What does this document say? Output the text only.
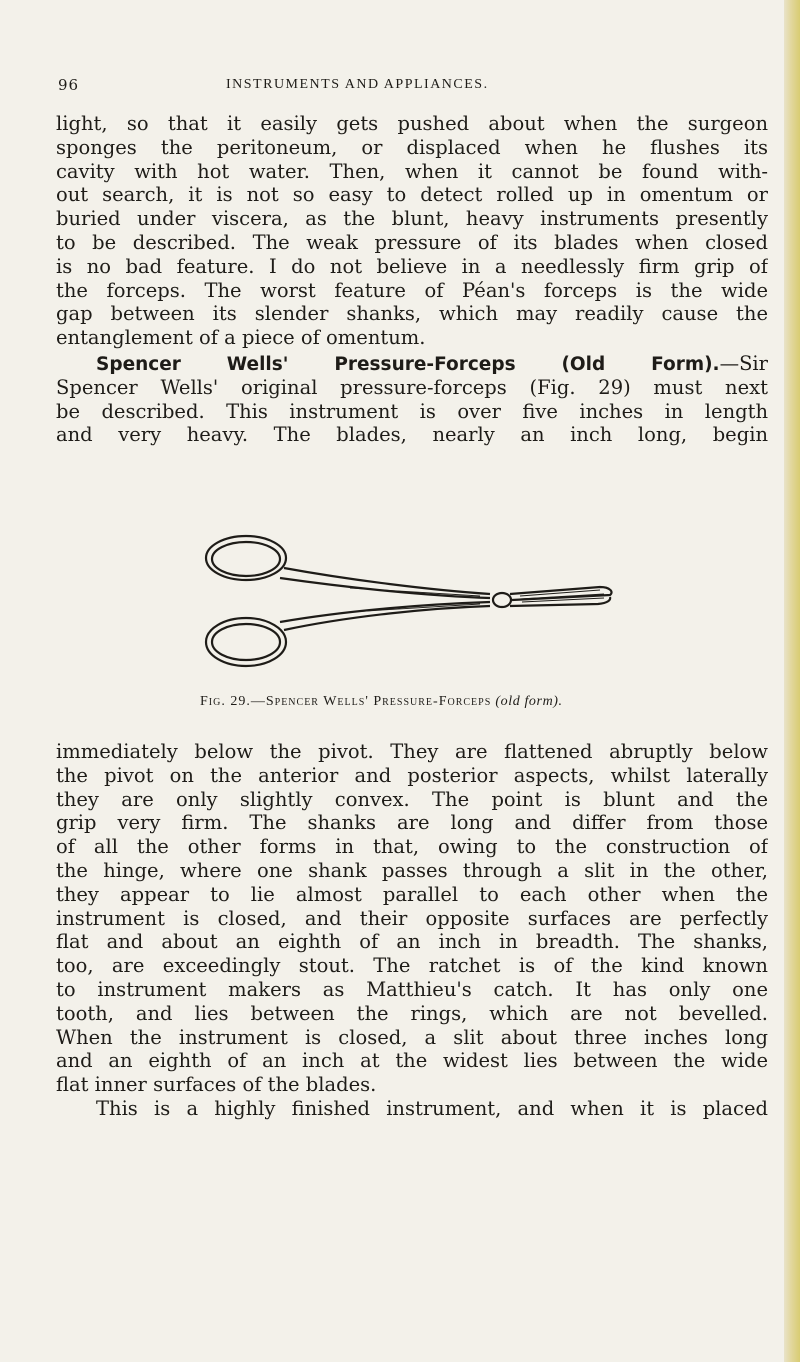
96	INSTRUMENTS AND APPLIANCES.
light, so that it easily gets pushed about when the surgeon
sponges the peritoneum, or displaced when he flushes its
cavity with hot water. Then, when it cannot be found with-
out search, it is not so easy to detect rolled up in omentum or
buried under viscera, as the blunt, heavy instruments presently
to be described. The weak pressure of its blades when closed
is no bad feature. I do not believe in a needlessly firm grip of
the forceps. The worst feature of Péan's forceps is the wide
gap between its slender shanks, which may readily cause the
entanglement of a piece of omentum.
Spencer Wells' Pressure-Forceps (Old Form).—Sir
Spencer Wells' original pressure-forceps (Fig. 29) must next
be described. This instrument is over five inches in length
and very heavy. The blades, nearly an inch long, begin
Fig. 29.—Spencer Wells' Pressure-Forceps (old form).
immediately below the pivot. They are flattened abruptly below
the pivot on the anterior and posterior aspects, whilst laterally
they are only slightly convex. The point is blunt and the
grip very firm. The shanks are long and differ from those
of all the other forms in that, owing to the construction of
the hinge, where one shank passes through a slit in the other,
they appear to lie almost parallel to each other when the
instrument is closed, and their opposite surfaces are perfectly
flat and about an eighth of an inch in breadth. The shanks,
too, are exceedingly stout. The ratchet is of the kind known
to instrument makers as Matthieu's catch. It has only one
tooth, and lies between the rings, which are not bevelled.
When the instrument is closed, a slit about three inches long
and an eighth of an inch at the widest lies between the wide
flat inner surfaces of the blades.
This is a highly finished instrument, and when it is placed
